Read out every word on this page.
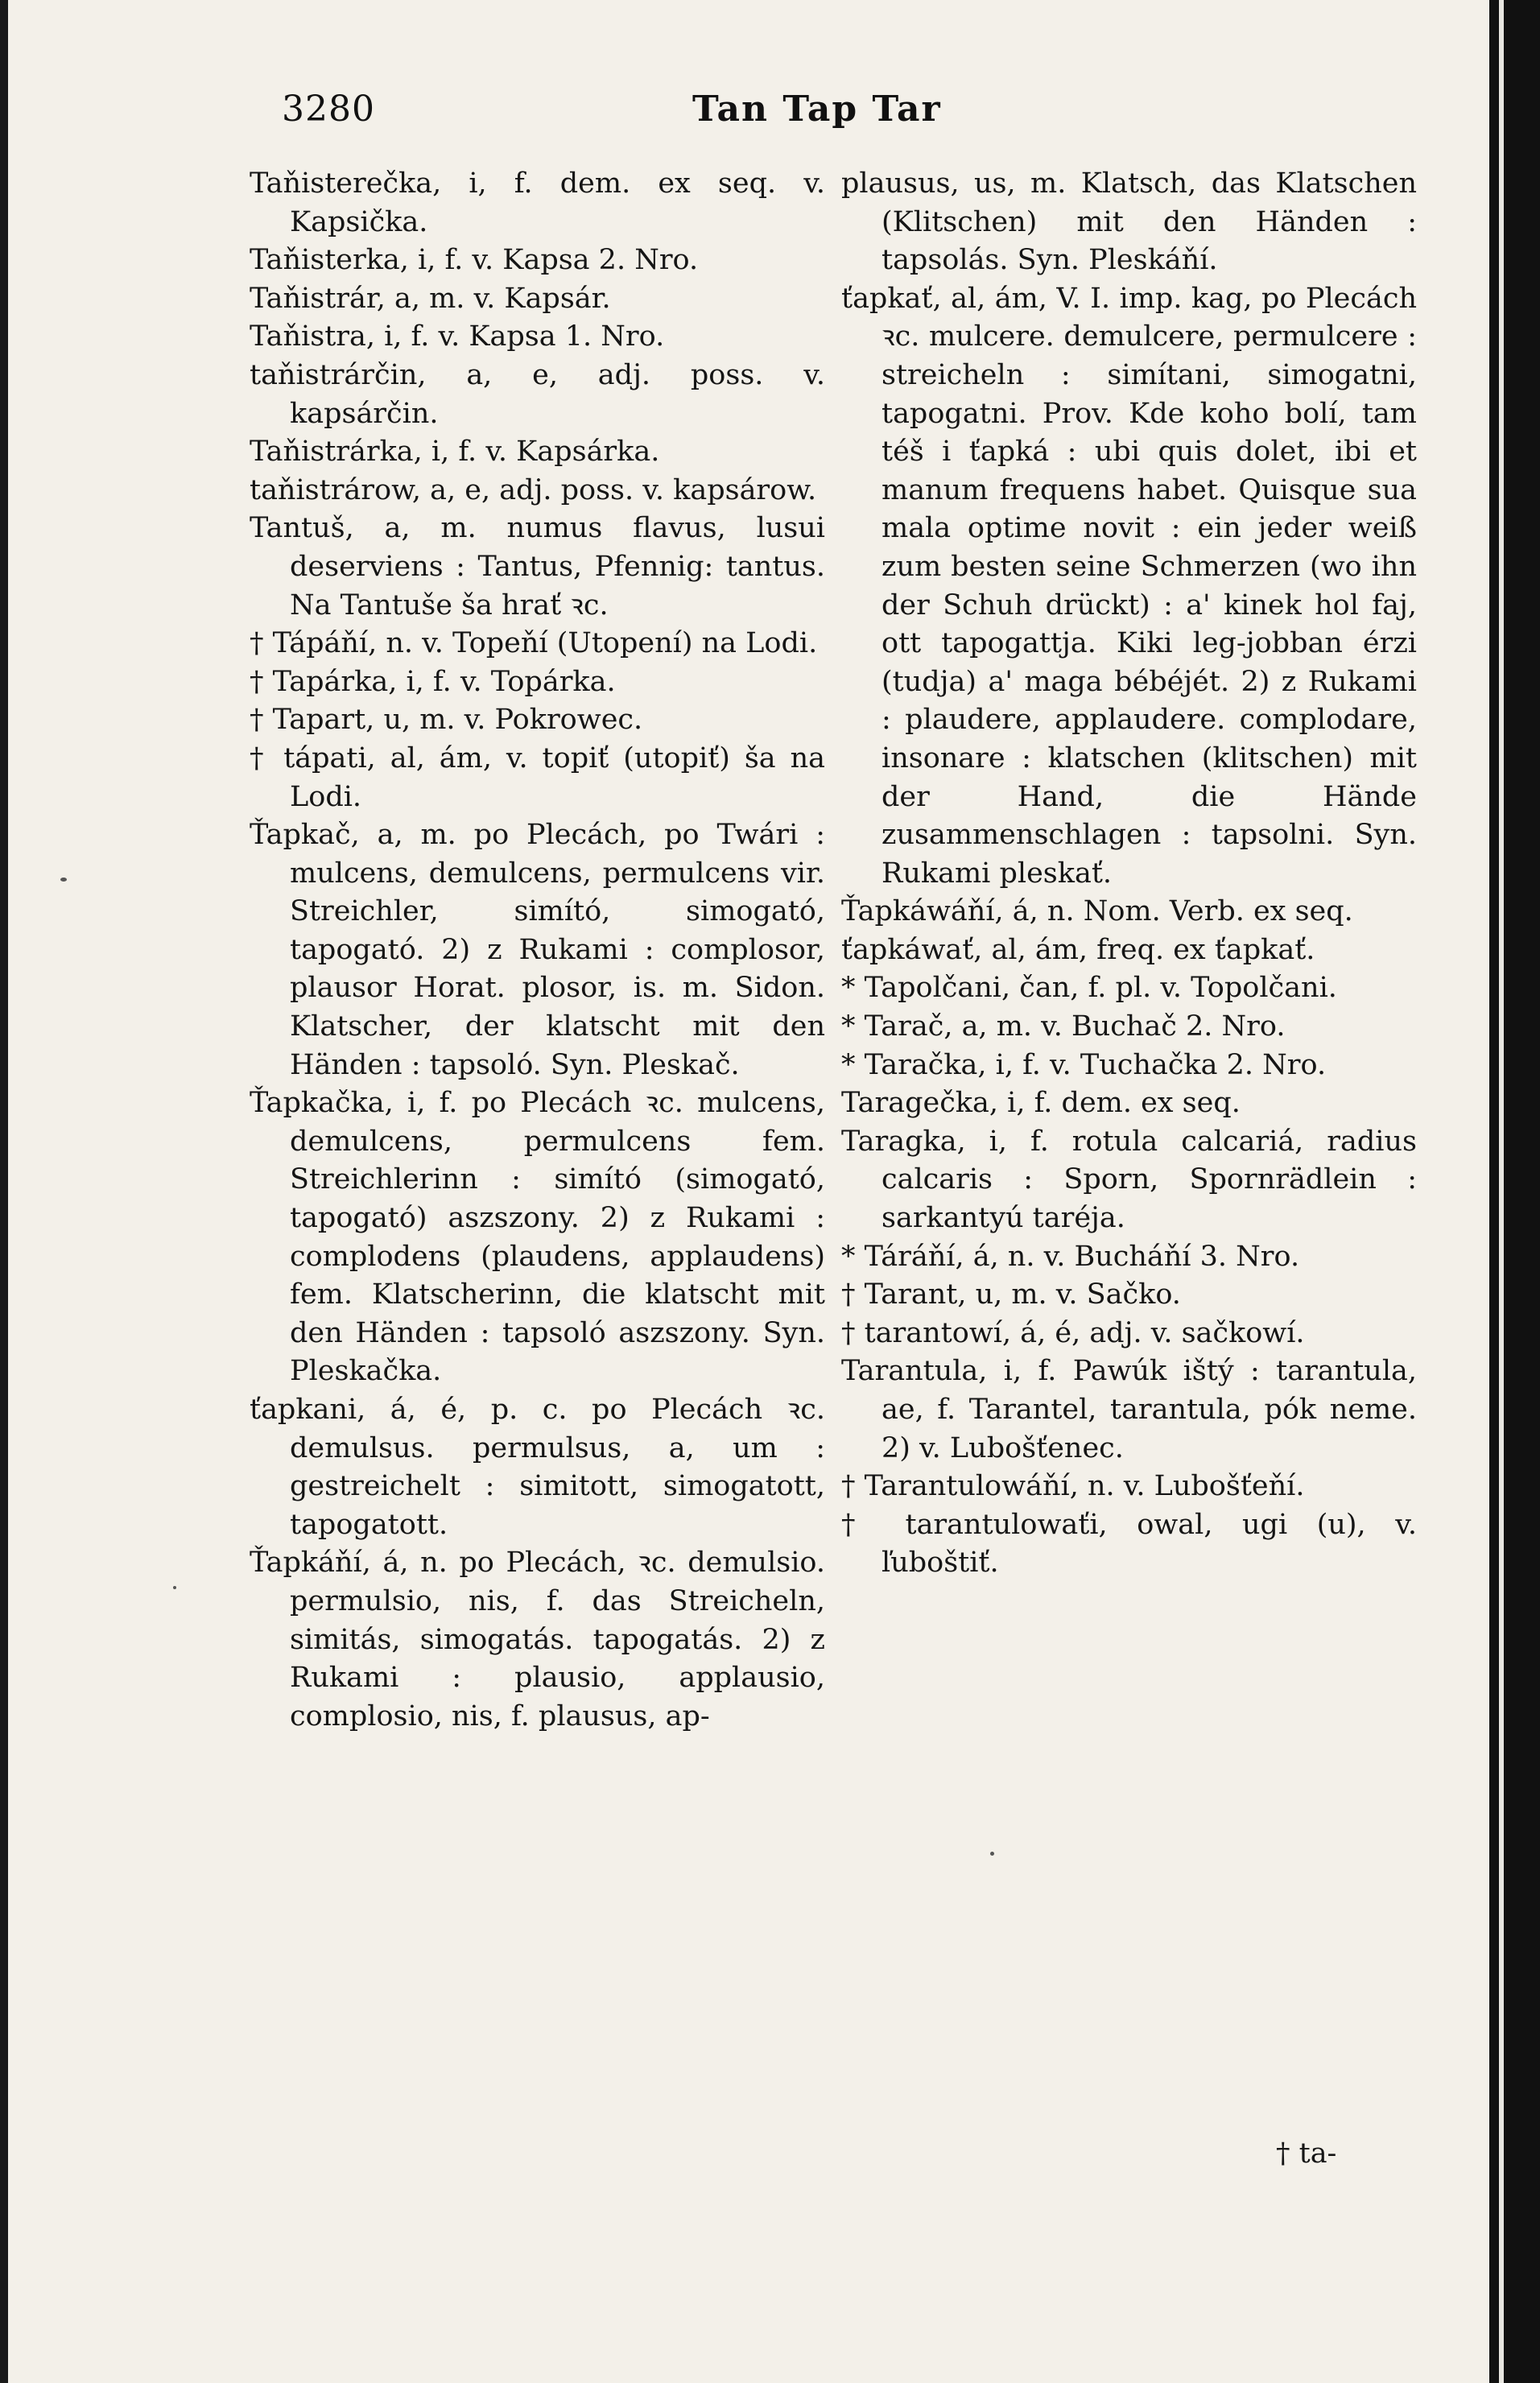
3280	Tan Tap Tar

Taňisterečka, i, f. dem. ex seq. v. Kapsička.

Taňisterka, i, f. v. Kapsa 2. Nro.

Taňistrár, a, m. v. Kapsár.

Taňistra, i, f. v. Kapsa 1. Nro.

taňistrárčin, a, e, adj. poss. v. kapsárčin.

Taňistrárka, i, f. v. Kapsárka.

taňistrárow, a, e, adj. poss. v. kapsárow.

Tantuš, a, m. numus flavus, lusui deserviens : Tantus, Pfennig: tantus. Na Tantuše ša hrať ꝛc.

† Tápáňí, n. v. Topeňí (Utopení) na Lodi.

† Tapárka, i, f. v. Topárka.

† Tapart, u, m. v. Pokrowec.

† tápati, al, ám, v. topiť (utopiť) ša na Lodi.

Ťapkač, a, m. po Plecách, po Twári : mulcens, demulcens, permulcens vir. Streichler, simító, simogató, tapogató. 2) z Rukami : complosor, plausor Horat. plosor, is. m. Sidon. Klatscher, der klatscht mit den Händen : tapsoló. Syn. Pleskač.

Ťapkačka, i, f. po Plecách ꝛc. mulcens, demulcens, permulcens fem. Streichlerinn : simító (simogató, tapogató) aszszony. 2) z Rukami : complodens (plaudens, applaudens) fem. Klatscherinn, die klatscht mit den Händen : tapsoló aszszony. Syn. Pleskačka.

ťapkani, á, é, p. c. po Plecách ꝛc. demulsus. permulsus, a, um : gestreichelt : simitott, simogatott, tapogatott.

Ťapkáňí, á, n. po Plecách, ꝛc. demulsio. permulsio, nis, f. das Streicheln, simitás, simogatás. tapogatás. 2) z Rukami : plausio, applausio, complosio, nis, f. plausus, ap-

plausus, us, m. Klatsch, das Klatschen (Klitschen) mit den Händen : tapsolás. Syn. Pleskáňí.

ťapkať, al, ám, V. I. imp. kag, po Plecách ꝛc. mulcere. demulcere, permulcere : streicheln : simítani, simogatni, tapogatni. Prov. Kde koho bolí, tam téš i ťapká : ubi quis dolet, ibi et manum frequens habet. Quisque sua mala optime novit : ein jeder weiß zum besten seine Schmerzen (wo ihn der Schuh drückt) : a' kinek hol faj, ott tapogattja. Kiki leg-jobban érzi (tudja) a' maga bébéjét. 2) z Rukami : plaudere, applaudere. complodare, insonare : klatschen (klitschen) mit der Hand, die Hände zusammenschlagen : tapsolni. Syn. Rukami pleskať.

Ťapkáwáňí, á, n. Nom. Verb. ex seq.

ťapkáwať, al, ám, freq. ex ťapkať.

* Tapolčani, čan, f. pl. v. Topolčani.

* Tarač, a, m. v. Buchač 2. Nro.

* Taračka, i, f. v. Tuchačka 2. Nro.

Taragečka, i, f. dem. ex seq.

Taragka, i, f. rotula calcariá, radius calcaris : Sporn, Spornrädlein : sarkantyú taréja.

* Táráňí, á, n. v. Bucháňí 3. Nro.

† Tarant, u, m. v. Sačko.

† tarantowí, á, é, adj. v. sačkowí.

Tarantula, i, f. Pawúk ištý : tarantula, ae, f. Tarantel, tarantula, pók neme. 2) v. Lubošťenec.

† Tarantulowáňí, n. v. Lubošťeňí.

† tarantulowaťi, owal, ugi (u), v. ľuboštiť.

† ta-
